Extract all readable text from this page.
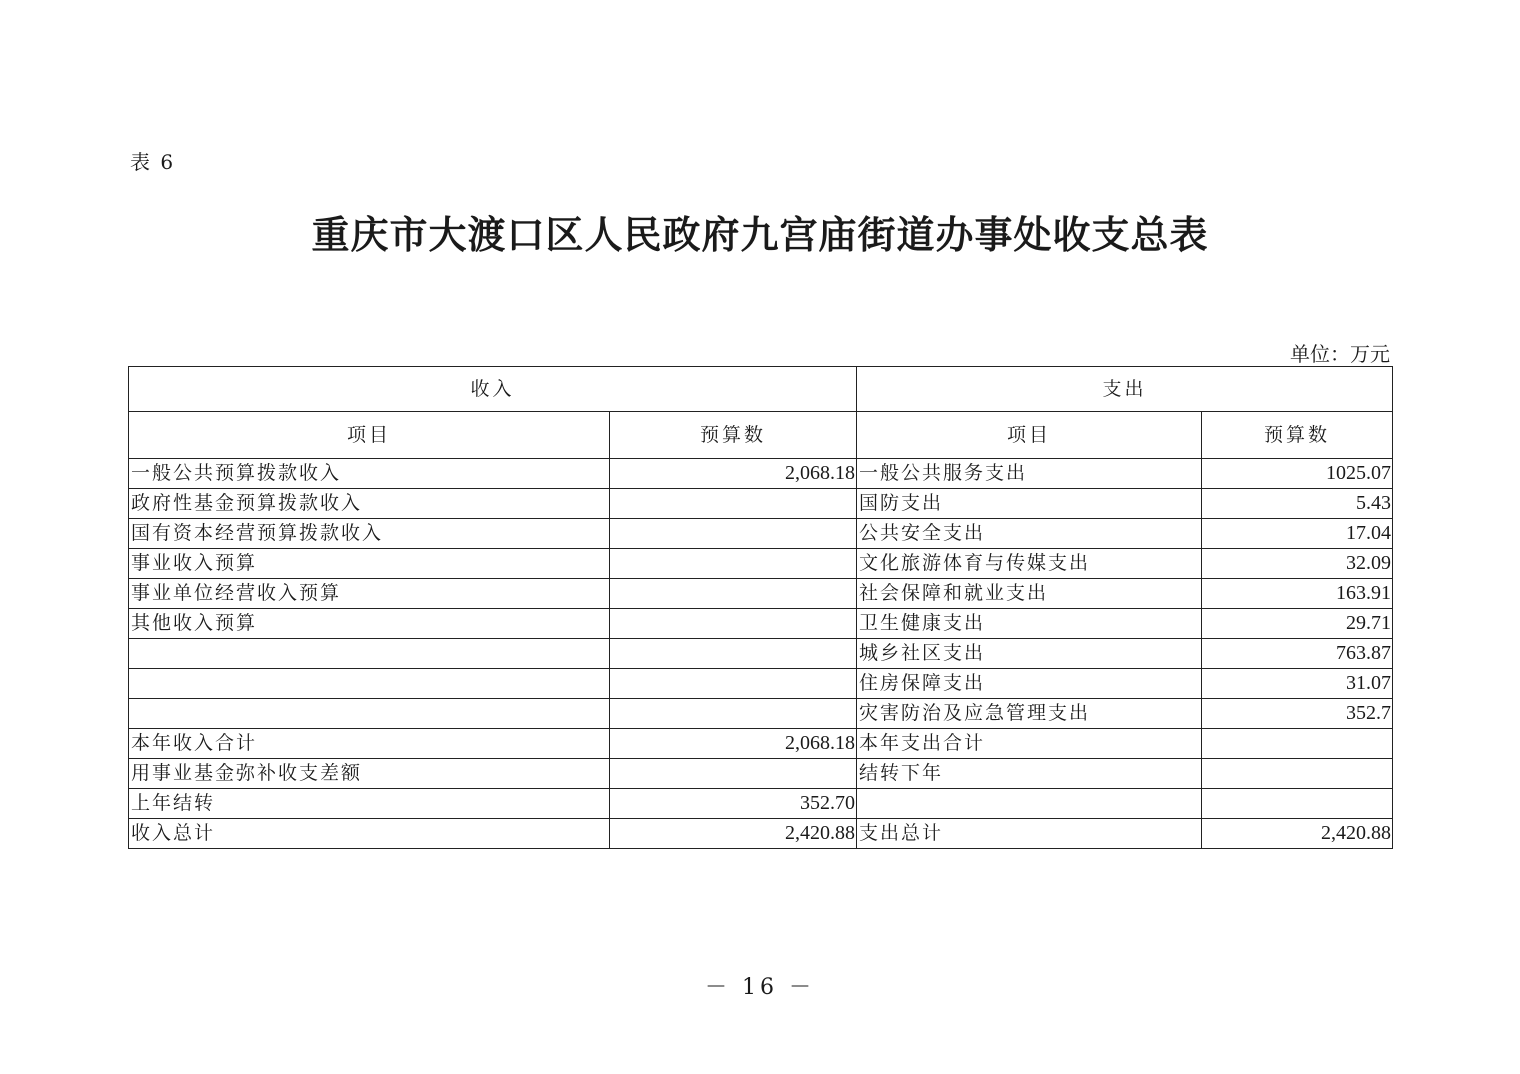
表 6
重庆市大渡口区人民政府九宫庙街道办事处收支总表
单位：万元
收入		支出	
项目	预算数	项目	预算数
一般公共预算拨款收入	2,068.18	一般公共服务支出	1025.07
政府性基金预算拨款收入		国防支出	5.43
国有资本经营预算拨款收入		公共安全支出	17.04
事业收入预算		文化旅游体育与传媒支出	32.09
事业单位经营收入预算		社会保障和就业支出	163.91
其他收入预算		卫生健康支出	29.71
		城乡社区支出	763.87
		住房保障支出	31.07
		灾害防治及应急管理支出	352.7
本年收入合计	2,068.18	本年支出合计	
用事业基金弥补收支差额		结转下年	
上年结转	352.70		
收入总计	2,420.88	支出总计	2,420.88
－ 16 －
